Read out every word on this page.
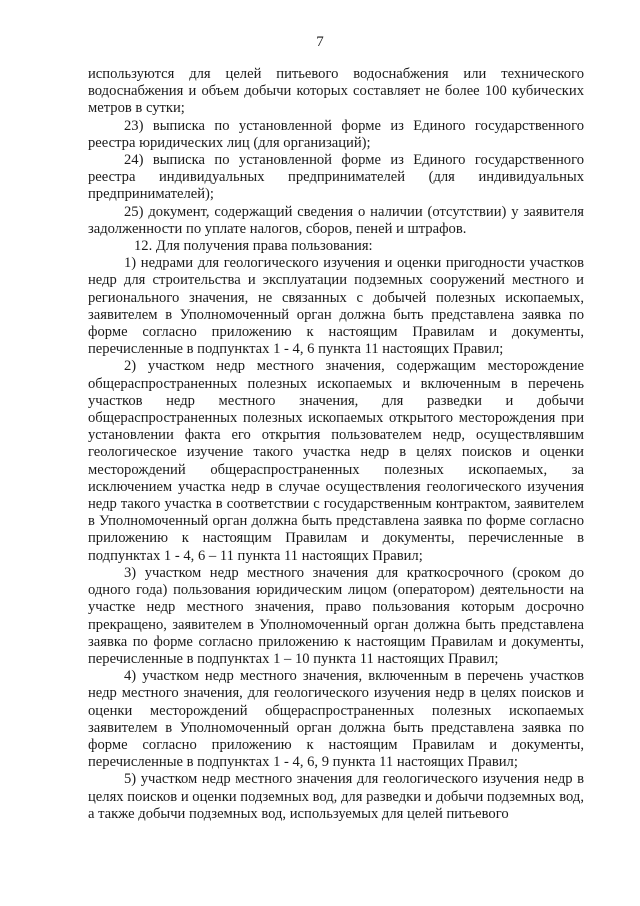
7

используются для целей питьевого водоснабжения или технического водоснабжения и объем добычи которых составляет не более 100 кубических метров в сутки;

23) выписка по установленной форме из Единого государственного реестра юридических лиц (для организаций);

24) выписка по установленной форме из Единого государственного реестра индивидуальных предпринимателей (для индивидуальных предпринимателей);

25) документ, содержащий сведения о наличии (отсутствии) у заявителя задолженности по уплате налогов, сборов, пеней и штрафов.

12. Для получения права пользования:

1) недрами для геологического изучения и оценки пригодности участков недр для строительства и эксплуатации подземных сооружений местного и регионального значения, не связанных с добычей полезных ископаемых, заявителем в Уполномоченный орган должна быть представлена заявка по форме согласно приложению к настоящим Правилам и документы, перечисленные в подпунктах 1 - 4, 6 пункта 11 настоящих Правил;

2) участком недр местного значения, содержащим месторождение общераспространенных полезных ископаемых и включенным в перечень участков недр местного значения, для разведки и добычи общераспространенных полезных ископаемых открытого месторождения при установлении факта его открытия пользователем недр, осуществлявшим геологическое изучение такого участка недр в целях поисков и оценки месторождений общераспространенных полезных ископаемых, за исключением участка недр в случае осуществления геологического изучения недр такого участка в соответствии с государственным контрактом, заявителем в Уполномоченный орган должна быть представлена заявка по форме согласно приложению к настоящим Правилам и документы, перечисленные в подпунктах 1 - 4, 6 – 11 пункта 11 настоящих Правил;

3) участком недр местного значения для краткосрочного (сроком до одного года) пользования юридическим лицом (оператором) деятельности на участке недр местного значения, право пользования которым досрочно прекращено, заявителем в Уполномоченный орган должна быть представлена заявка по форме согласно приложению к настоящим Правилам и документы, перечисленные в подпунктах 1 – 10 пункта 11 настоящих Правил;

4) участком недр местного значения, включенным в перечень участков недр местного значения, для геологического изучения недр в целях поисков и оценки месторождений общераспространенных полезных ископаемых заявителем в Уполномоченный орган должна быть представлена заявка по форме согласно приложению к настоящим Правилам и документы, перечисленные в подпунктах 1 - 4, 6, 9 пункта 11 настоящих Правил;

5) участком недр местного значения для геологического изучения недр в целях поисков и оценки подземных вод, для разведки и добычи подземных вод, а также добычи подземных вод, используемых для целей питьевого
